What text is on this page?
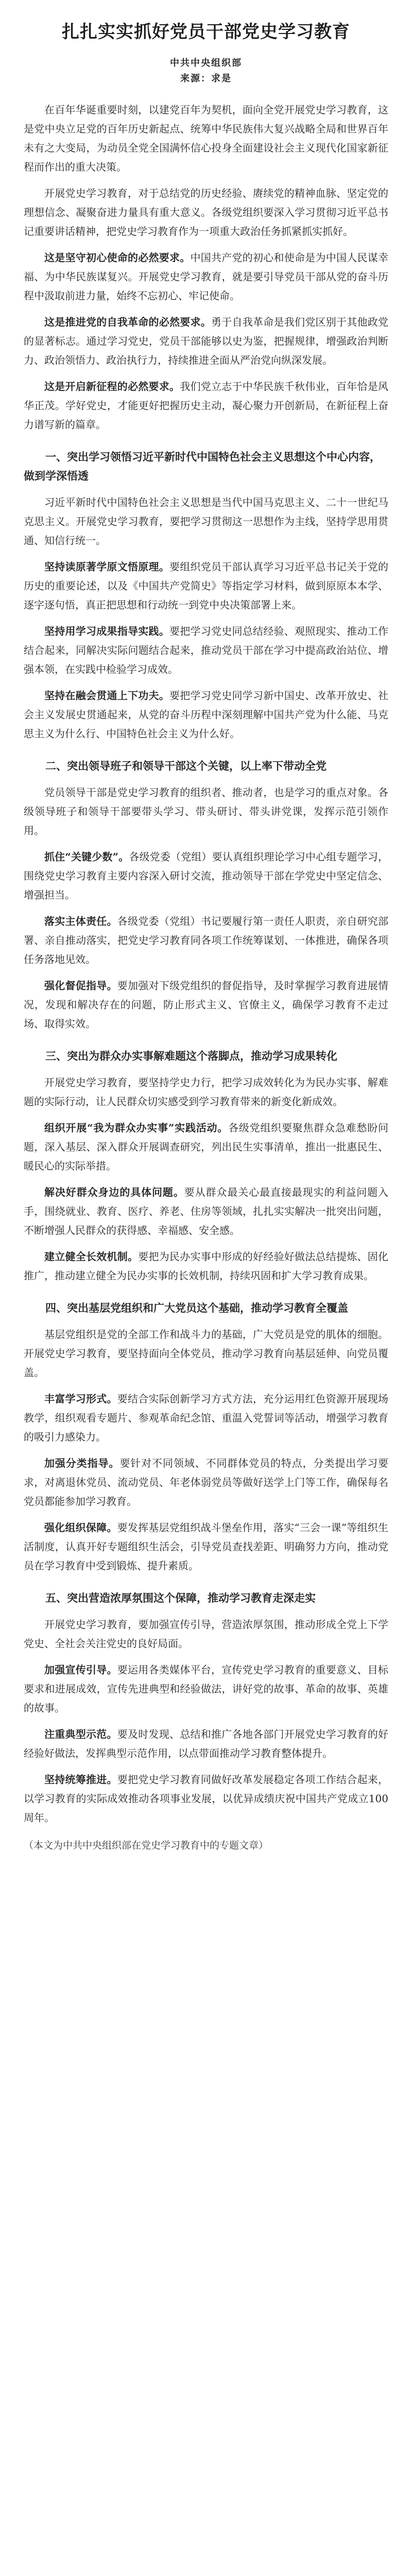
扎扎实实抓好党员干部党史学习教育
中共中央组织部
来源：求是

在百年华诞重要时刻，以建党百年为契机，面向全党开展党史学习教育，这是党中央立足党的百年历史新起点、统筹中华民族伟大复兴战略全局和世界百年未有之大变局，为动员全党全国满怀信心投身全面建设社会主义现代化国家新征程而作出的重大决策。

开展党史学习教育，对于总结党的历史经验、赓续党的精神血脉、坚定党的理想信念、凝聚奋进力量具有重大意义。各级党组织要深入学习贯彻习近平总书记重要讲话精神，把党史学习教育作为一项重大政治任务抓紧抓实抓好。

这是坚守初心使命的必然要求。中国共产党的初心和使命是为中国人民谋幸福、为中华民族谋复兴。开展党史学习教育，就是要引导党员干部从党的奋斗历程中汲取前进力量，始终不忘初心、牢记使命。

这是推进党的自我革命的必然要求。勇于自我革命是我们党区别于其他政党的显著标志。通过学习党史，党员干部能够以史为鉴，把握规律，增强政治判断力、政治领悟力、政治执行力，持续推进全面从严治党向纵深发展。

这是开启新征程的必然要求。我们党立志于中华民族千秋伟业，百年恰是风华正茂。学好党史，才能更好把握历史主动，凝心聚力开创新局，在新征程上奋力谱写新的篇章。

一、突出学习领悟习近平新时代中国特色社会主义思想这个中心内容，做到学深悟透

习近平新时代中国特色社会主义思想是当代中国马克思主义、二十一世纪马克思主义。开展党史学习教育，要把学习贯彻这一思想作为主线，坚持学思用贯通、知信行统一。

坚持读原著学原文悟原理。要组织党员干部认真学习习近平总书记关于党的历史的重要论述，以及《中国共产党简史》等指定学习材料，做到原原本本学、逐字逐句悟，真正把思想和行动统一到党中央决策部署上来。

坚持用学习成果指导实践。要把学习党史同总结经验、观照现实、推动工作结合起来，同解决实际问题结合起来，推动党员干部在学习中提高政治站位、增强本领，在实践中检验学习成效。

坚持在融会贯通上下功夫。要把学习党史同学习新中国史、改革开放史、社会主义发展史贯通起来，从党的奋斗历程中深刻理解中国共产党为什么能、马克思主义为什么行、中国特色社会主义为什么好。

二、突出领导班子和领导干部这个关键，以上率下带动全党

党员领导干部是党史学习教育的组织者、推动者，也是学习的重点对象。各级领导班子和领导干部要带头学习、带头研讨、带头讲党课，发挥示范引领作用。

抓住“关键少数”。各级党委（党组）要认真组织理论学习中心组专题学习，围绕党史学习教育主要内容深入研讨交流，推动领导干部在学党史中坚定信念、增强担当。

落实主体责任。各级党委（党组）书记要履行第一责任人职责，亲自研究部署、亲自推动落实，把党史学习教育同各项工作统筹谋划、一体推进，确保各项任务落地见效。

强化督促指导。要加强对下级党组织的督促指导，及时掌握学习教育进展情况，发现和解决存在的问题，防止形式主义、官僚主义，确保学习教育不走过场、取得实效。

三、突出为群众办实事解难题这个落脚点，推动学习成果转化

开展党史学习教育，要坚持学史力行，把学习成效转化为为民办实事、解难题的实际行动，让人民群众切实感受到学习教育带来的新变化新成效。

组织开展“我为群众办实事”实践活动。各级党组织要聚焦群众急难愁盼问题，深入基层、深入群众开展调查研究，列出民生实事清单，推出一批惠民生、暖民心的实际举措。

解决好群众身边的具体问题。要从群众最关心最直接最现实的利益问题入手，围绕就业、教育、医疗、养老、住房等领域，扎扎实实解决一批突出问题，不断增强人民群众的获得感、幸福感、安全感。

建立健全长效机制。要把为民办实事中形成的好经验好做法总结提炼、固化推广，推动建立健全为民办实事的长效机制，持续巩固和扩大学习教育成果。

四、突出基层党组织和广大党员这个基础，推动学习教育全覆盖

基层党组织是党的全部工作和战斗力的基础，广大党员是党的肌体的细胞。开展党史学习教育，要坚持面向全体党员，推动学习教育向基层延伸、向党员覆盖。

丰富学习形式。要结合实际创新学习方式方法，充分运用红色资源开展现场教学，组织观看专题片、参观革命纪念馆、重温入党誓词等活动，增强学习教育的吸引力感染力。

加强分类指导。要针对不同领域、不同群体党员的特点，分类提出学习要求，对离退休党员、流动党员、年老体弱党员等做好送学上门等工作，确保每名党员都能参加学习教育。

强化组织保障。要发挥基层党组织战斗堡垒作用，落实“三会一课”等组织生活制度，认真开好专题组织生活会，引导党员查找差距、明确努力方向，推动党员在学习教育中受到锻炼、提升素质。

五、突出营造浓厚氛围这个保障，推动学习教育走深走实

开展党史学习教育，要加强宣传引导，营造浓厚氛围，推动形成全党上下学党史、全社会关注党史的良好局面。

加强宣传引导。要运用各类媒体平台，宣传党史学习教育的重要意义、目标要求和进展成效，宣传先进典型和经验做法，讲好党的故事、革命的故事、英雄的故事。

注重典型示范。要及时发现、总结和推广各地各部门开展党史学习教育的好经验好做法，发挥典型示范作用，以点带面推动学习教育整体提升。

坚持统筹推进。要把党史学习教育同做好改革发展稳定各项工作结合起来，以学习教育的实际成效推动各项事业发展，以优异成绩庆祝中国共产党成立100周年。

（本文为中共中央组织部在党史学习教育中的专题文章）
